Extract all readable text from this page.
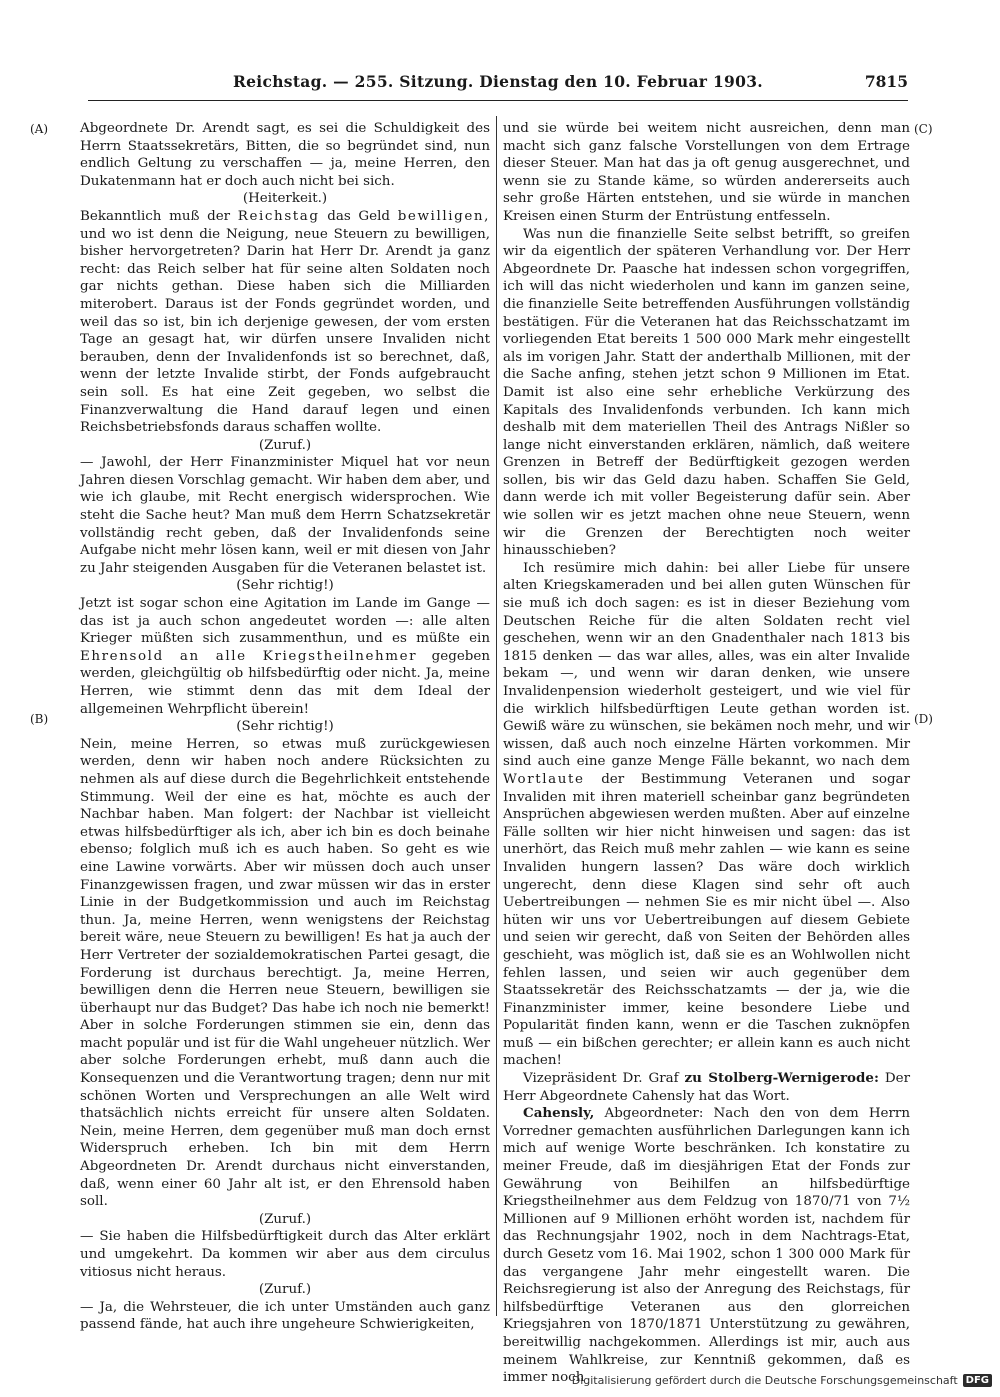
Reichstag. — 255. Sitzung. Dienstag den 10. Februar 1903.	7815
(A)
(B)
(C)
(D)

Abgeordnete Dr. Arendt sagt, es sei die Schuldigkeit des Herrn Staatssekretärs, Bitten, die so begründet sind, nun endlich Geltung zu verschaffen — ja, meine Herren, den Dukatenmann hat er doch auch nicht bei sich.

(Heiterkeit.)

Bekanntlich muß der Reichstag das Geld bewilligen, und wo ist denn die Neigung, neue Steuern zu bewilligen, bisher hervorgetreten? Darin hat Herr Dr. Arendt ja ganz recht: das Reich selber hat für seine alten Soldaten noch gar nichts gethan. Diese haben sich die Milliarden miterobert. Daraus ist der Fonds gegründet worden, und weil das so ist, bin ich derjenige gewesen, der vom ersten Tage an gesagt hat, wir dürfen unsere Invaliden nicht berauben, denn der Invalidenfonds ist so berechnet, daß, wenn der letzte Invalide stirbt, der Fonds aufgebraucht sein soll. Es hat eine Zeit gegeben, wo selbst die Finanzverwaltung die Hand darauf legen und einen Reichsbetriebsfonds daraus schaffen wollte.

(Zuruf.)

— Jawohl, der Herr Finanzminister Miquel hat vor neun Jahren diesen Vorschlag gemacht. Wir haben dem aber, und wie ich glaube, mit Recht energisch widersprochen. Wie steht die Sache heut? Man muß dem Herrn Schatzsekretär vollständig recht geben, daß der Invalidenfonds seine Aufgabe nicht mehr lösen kann, weil er mit diesen von Jahr zu Jahr steigenden Ausgaben für die Veteranen belastet ist.

(Sehr richtig!)

Jetzt ist sogar schon eine Agitation im Lande im Gange — das ist ja auch schon angedeutet worden —: alle alten Krieger müßten sich zusammenthun, und es müßte ein Ehrensold an alle Kriegstheilnehmer gegeben werden, gleichgültig ob hilfsbedürftig oder nicht. Ja, meine Herren, wie stimmt denn das mit dem Ideal der allgemeinen Wehrpflicht überein!

(Sehr richtig!)

Nein, meine Herren, so etwas muß zurückgewiesen werden, denn wir haben noch andere Rücksichten zu nehmen als auf diese durch die Begehrlichkeit entstehende Stimmung. Weil der eine es hat, möchte es auch der Nachbar haben. Man folgert: der Nachbar ist vielleicht etwas hilfsbedürftiger als ich, aber ich bin es doch beinahe ebenso; folglich muß ich es auch haben. So geht es wie eine Lawine vorwärts. Aber wir müssen doch auch unser Finanzgewissen fragen, und zwar müssen wir das in erster Linie in der Budgetkommission und auch im Reichstag thun. Ja, meine Herren, wenn wenigstens der Reichstag bereit wäre, neue Steuern zu bewilligen! Es hat ja auch der Herr Vertreter der sozialdemokratischen Partei gesagt, die Forderung ist durchaus berechtigt. Ja, meine Herren, bewilligen denn die Herren neue Steuern, bewilligen sie überhaupt nur das Budget? Das habe ich noch nie bemerkt! Aber in solche Forderungen stimmen sie ein, denn das macht populär und ist für die Wahl ungeheuer nützlich. Wer aber solche Forderungen erhebt, muß dann auch die Konsequenzen und die Verantwortung tragen; denn nur mit schönen Worten und Versprechungen an alle Welt wird thatsächlich nichts erreicht für unsere alten Soldaten. Nein, meine Herren, dem gegenüber muß man doch ernst Widerspruch erheben. Ich bin mit dem Herrn Abgeordneten Dr. Arendt durchaus nicht einverstanden, daß, wenn einer 60 Jahr alt ist, er den Ehrensold haben soll.

(Zuruf.)

— Sie haben die Hilfsbedürftigkeit durch das Alter erklärt und umgekehrt. Da kommen wir aber aus dem circulus vitiosus nicht heraus.

(Zuruf.)

— Ja, die Wehrsteuer, die ich unter Umständen auch ganz passend fände, hat auch ihre ungeheure Schwierigkeiten,

und sie würde bei weitem nicht ausreichen, denn man macht sich ganz falsche Vorstellungen von dem Ertrage dieser Steuer. Man hat das ja oft genug ausgerechnet, und wenn sie zu Stande käme, so würden andererseits auch sehr große Härten entstehen, und sie würde in manchen Kreisen einen Sturm der Entrüstung entfesseln.

Was nun die finanzielle Seite selbst betrifft, so greifen wir da eigentlich der späteren Verhandlung vor. Der Herr Abgeordnete Dr. Paasche hat indessen schon vorgegriffen, ich will das nicht wiederholen und kann im ganzen seine, die finanzielle Seite betreffenden Ausführungen vollständig bestätigen. Für die Veteranen hat das Reichsschatzamt im vorliegenden Etat bereits 1 500 000 Mark mehr eingestellt als im vorigen Jahr. Statt der anderthalb Millionen, mit der die Sache anfing, stehen jetzt schon 9 Millionen im Etat. Damit ist also eine sehr erhebliche Verkürzung des Kapitals des Invalidenfonds verbunden. Ich kann mich deshalb mit dem materiellen Theil des Antrags Nißler so lange nicht einverstanden erklären, nämlich, daß weitere Grenzen in Betreff der Bedürftigkeit gezogen werden sollen, bis wir das Geld dazu haben. Schaffen Sie Geld, dann werde ich mit voller Begeisterung dafür sein. Aber wie sollen wir es jetzt machen ohne neue Steuern, wenn wir die Grenzen der Berechtigten noch weiter hinausschieben?

Ich resümire mich dahin: bei aller Liebe für unsere alten Kriegskameraden und bei allen guten Wünschen für sie muß ich doch sagen: es ist in dieser Beziehung vom Deutschen Reiche für die alten Soldaten recht viel geschehen, wenn wir an den Gnadenthaler nach 1813 bis 1815 denken — das war alles, alles, was ein alter Invalide bekam —, und wenn wir daran denken, wie unsere Invalidenpension wiederholt gesteigert, und wie viel für die wirklich hilfsbedürftigen Leute gethan worden ist. Gewiß wäre zu wünschen, sie bekämen noch mehr, und wir wissen, daß auch noch einzelne Härten vorkommen. Mir sind auch eine ganze Menge Fälle bekannt, wo nach dem Wortlaute der Bestimmung Veteranen und sogar Invaliden mit ihren materiell scheinbar ganz begründeten Ansprüchen abgewiesen werden mußten. Aber auf einzelne Fälle sollten wir hier nicht hinweisen und sagen: das ist unerhört, das Reich muß mehr zahlen — wie kann es seine Invaliden hungern lassen? Das wäre doch wirklich ungerecht, denn diese Klagen sind sehr oft auch Uebertreibungen — nehmen Sie es mir nicht übel —. Also hüten wir uns vor Uebertreibungen auf diesem Gebiete und seien wir gerecht, daß von Seiten der Behörden alles geschieht, was möglich ist, daß sie es an Wohlwollen nicht fehlen lassen, und seien wir auch gegenüber dem Staatssekretär des Reichsschatzamts — der ja, wie die Finanzminister immer, keine besondere Liebe und Popularität finden kann, wenn er die Taschen zuknöpfen muß — ein bißchen gerechter; er allein kann es auch nicht machen!

Vizepräsident Dr. Graf zu Stolberg-Wernigerode: Der Herr Abgeordnete Cahensly hat das Wort.

Cahensly, Abgeordneter: Nach den von dem Herrn Vorredner gemachten ausführlichen Darlegungen kann ich mich auf wenige Worte beschränken. Ich konstatire zu meiner Freude, daß im diesjährigen Etat der Fonds zur Gewährung von Beihilfen an hilfsbedürftige Kriegstheilnehmer aus dem Feldzug von 1870/71 von 7½ Millionen auf 9 Millionen erhöht worden ist, nachdem für das Rechnungsjahr 1902, noch in dem Nachtrags-Etat, durch Gesetz vom 16. Mai 1902, schon 1 300 000 Mark für das vergangene Jahr mehr eingestellt waren. Die Reichsregierung ist also der Anregung des Reichstags, für hilfsbedürftige Veteranen aus den glorreichen Kriegsjahren von 1870/1871 Unterstützung zu gewähren, bereitwillig nachgekommen. Allerdings ist mir, auch aus meinem Wahlkreise, zur Kenntniß gekommen, daß es immer noch

Digitalisierung gefördert durch die Deutsche Forschungsgemeinschaft DFG
